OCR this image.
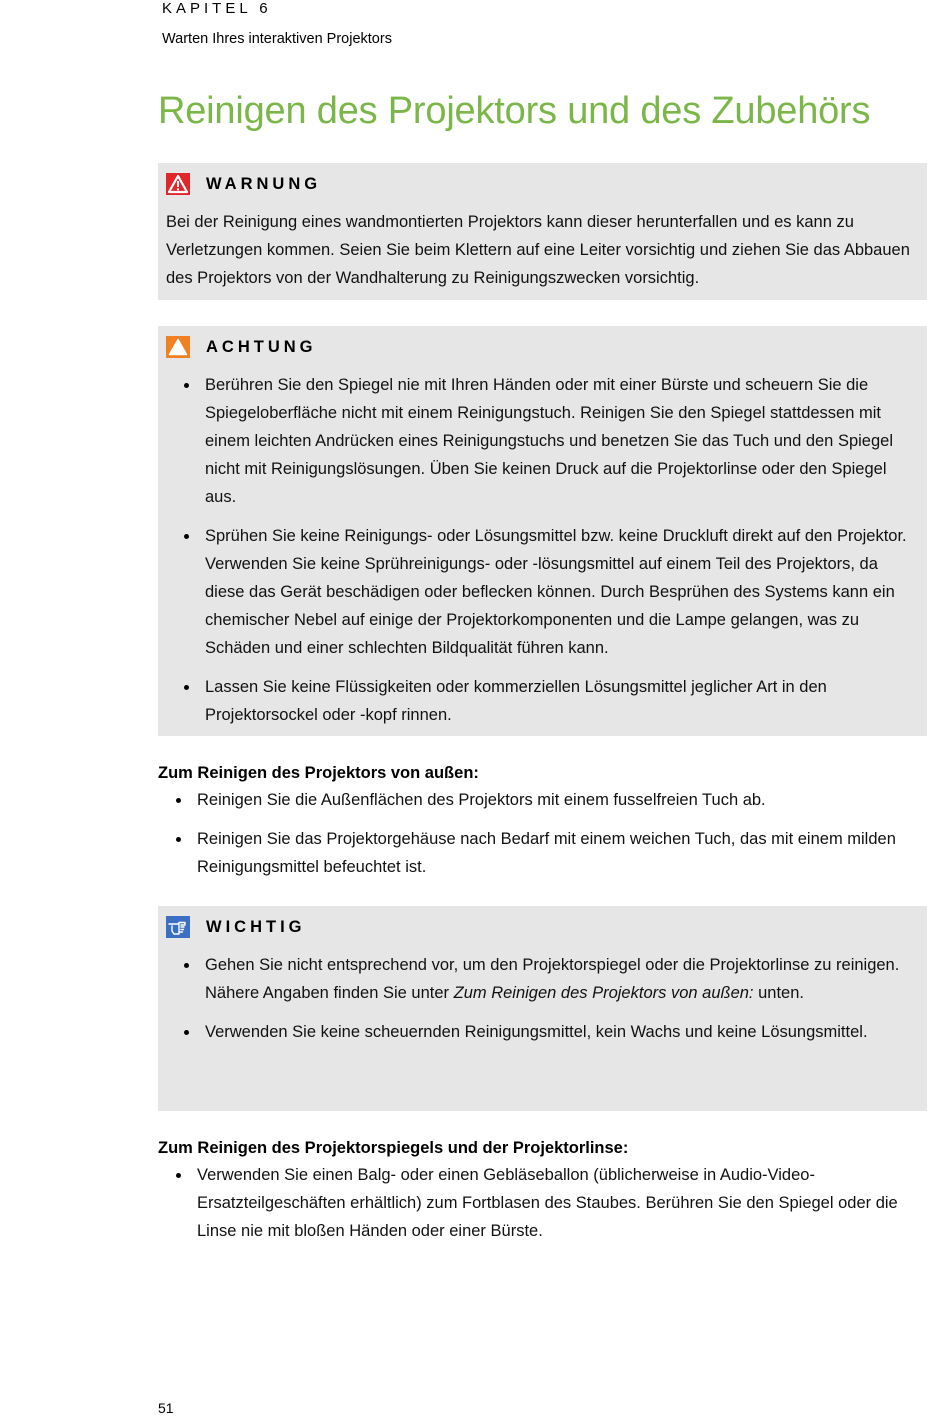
KAPITEL 6
Warten Ihres interaktiven Projektors
Reinigen des Projektors und des Zubehörs
WARNUNG
Bei der Reinigung eines wandmontierten Projektors kann dieser herunterfallen und es kann zu Verletzungen kommen. Seien Sie beim Klettern auf eine Leiter vorsichtig und ziehen Sie das Abbauen des Projektors von der Wandhalterung zu Reinigungszwecken vorsichtig.
ACHTUNG
Berühren Sie den Spiegel nie mit Ihren Händen oder mit einer Bürste und scheuern Sie die Spiegeloberfläche nicht mit einem Reinigungstuch. Reinigen Sie den Spiegel stattdessen mit einem leichten Andrücken eines Reinigungstuchs und benetzen Sie das Tuch und den Spiegel nicht mit Reinigungslösungen. Üben Sie keinen Druck auf die Projektorlinse oder den Spiegel aus.
Sprühen Sie keine Reinigungs- oder Lösungsmittel bzw. keine Druckluft direkt auf den Projektor. Verwenden Sie keine Sprühreinigungs- oder -lösungsmittel auf einem Teil des Projektors, da diese das Gerät beschädigen oder beflecken können. Durch Besprühen des Systems kann ein chemischer Nebel auf einige der Projektorkomponenten und die Lampe gelangen, was zu Schäden und einer schlechten Bildqualität führen kann.
Lassen Sie keine Flüssigkeiten oder kommerziellen Lösungsmittel jeglicher Art in den Projektorsockel oder -kopf rinnen.
Zum Reinigen des Projektors von außen:
Reinigen Sie die Außenflächen des Projektors mit einem fusselfreien Tuch ab.
Reinigen Sie das Projektorgehäuse nach Bedarf mit einem weichen Tuch, das mit einem milden Reinigungsmittel befeuchtet ist.
WICHTIG
Gehen Sie nicht entsprechend vor, um den Projektorspiegel oder die Projektorlinse zu reinigen. Nähere Angaben finden Sie unter Zum Reinigen des Projektors von außen: unten.
Verwenden Sie keine scheuernden Reinigungsmittel, kein Wachs und keine Lösungsmittel.
Zum Reinigen des Projektorspiegels und der Projektorlinse:
Verwenden Sie einen Balg- oder einen Gebläseballon (üblicherweise in Audio-Video-Ersatzteilgeschäften erhältlich) zum Fortblasen des Staubes. Berühren Sie den Spiegel oder die Linse nie mit bloßen Händen oder einer Bürste.
51
